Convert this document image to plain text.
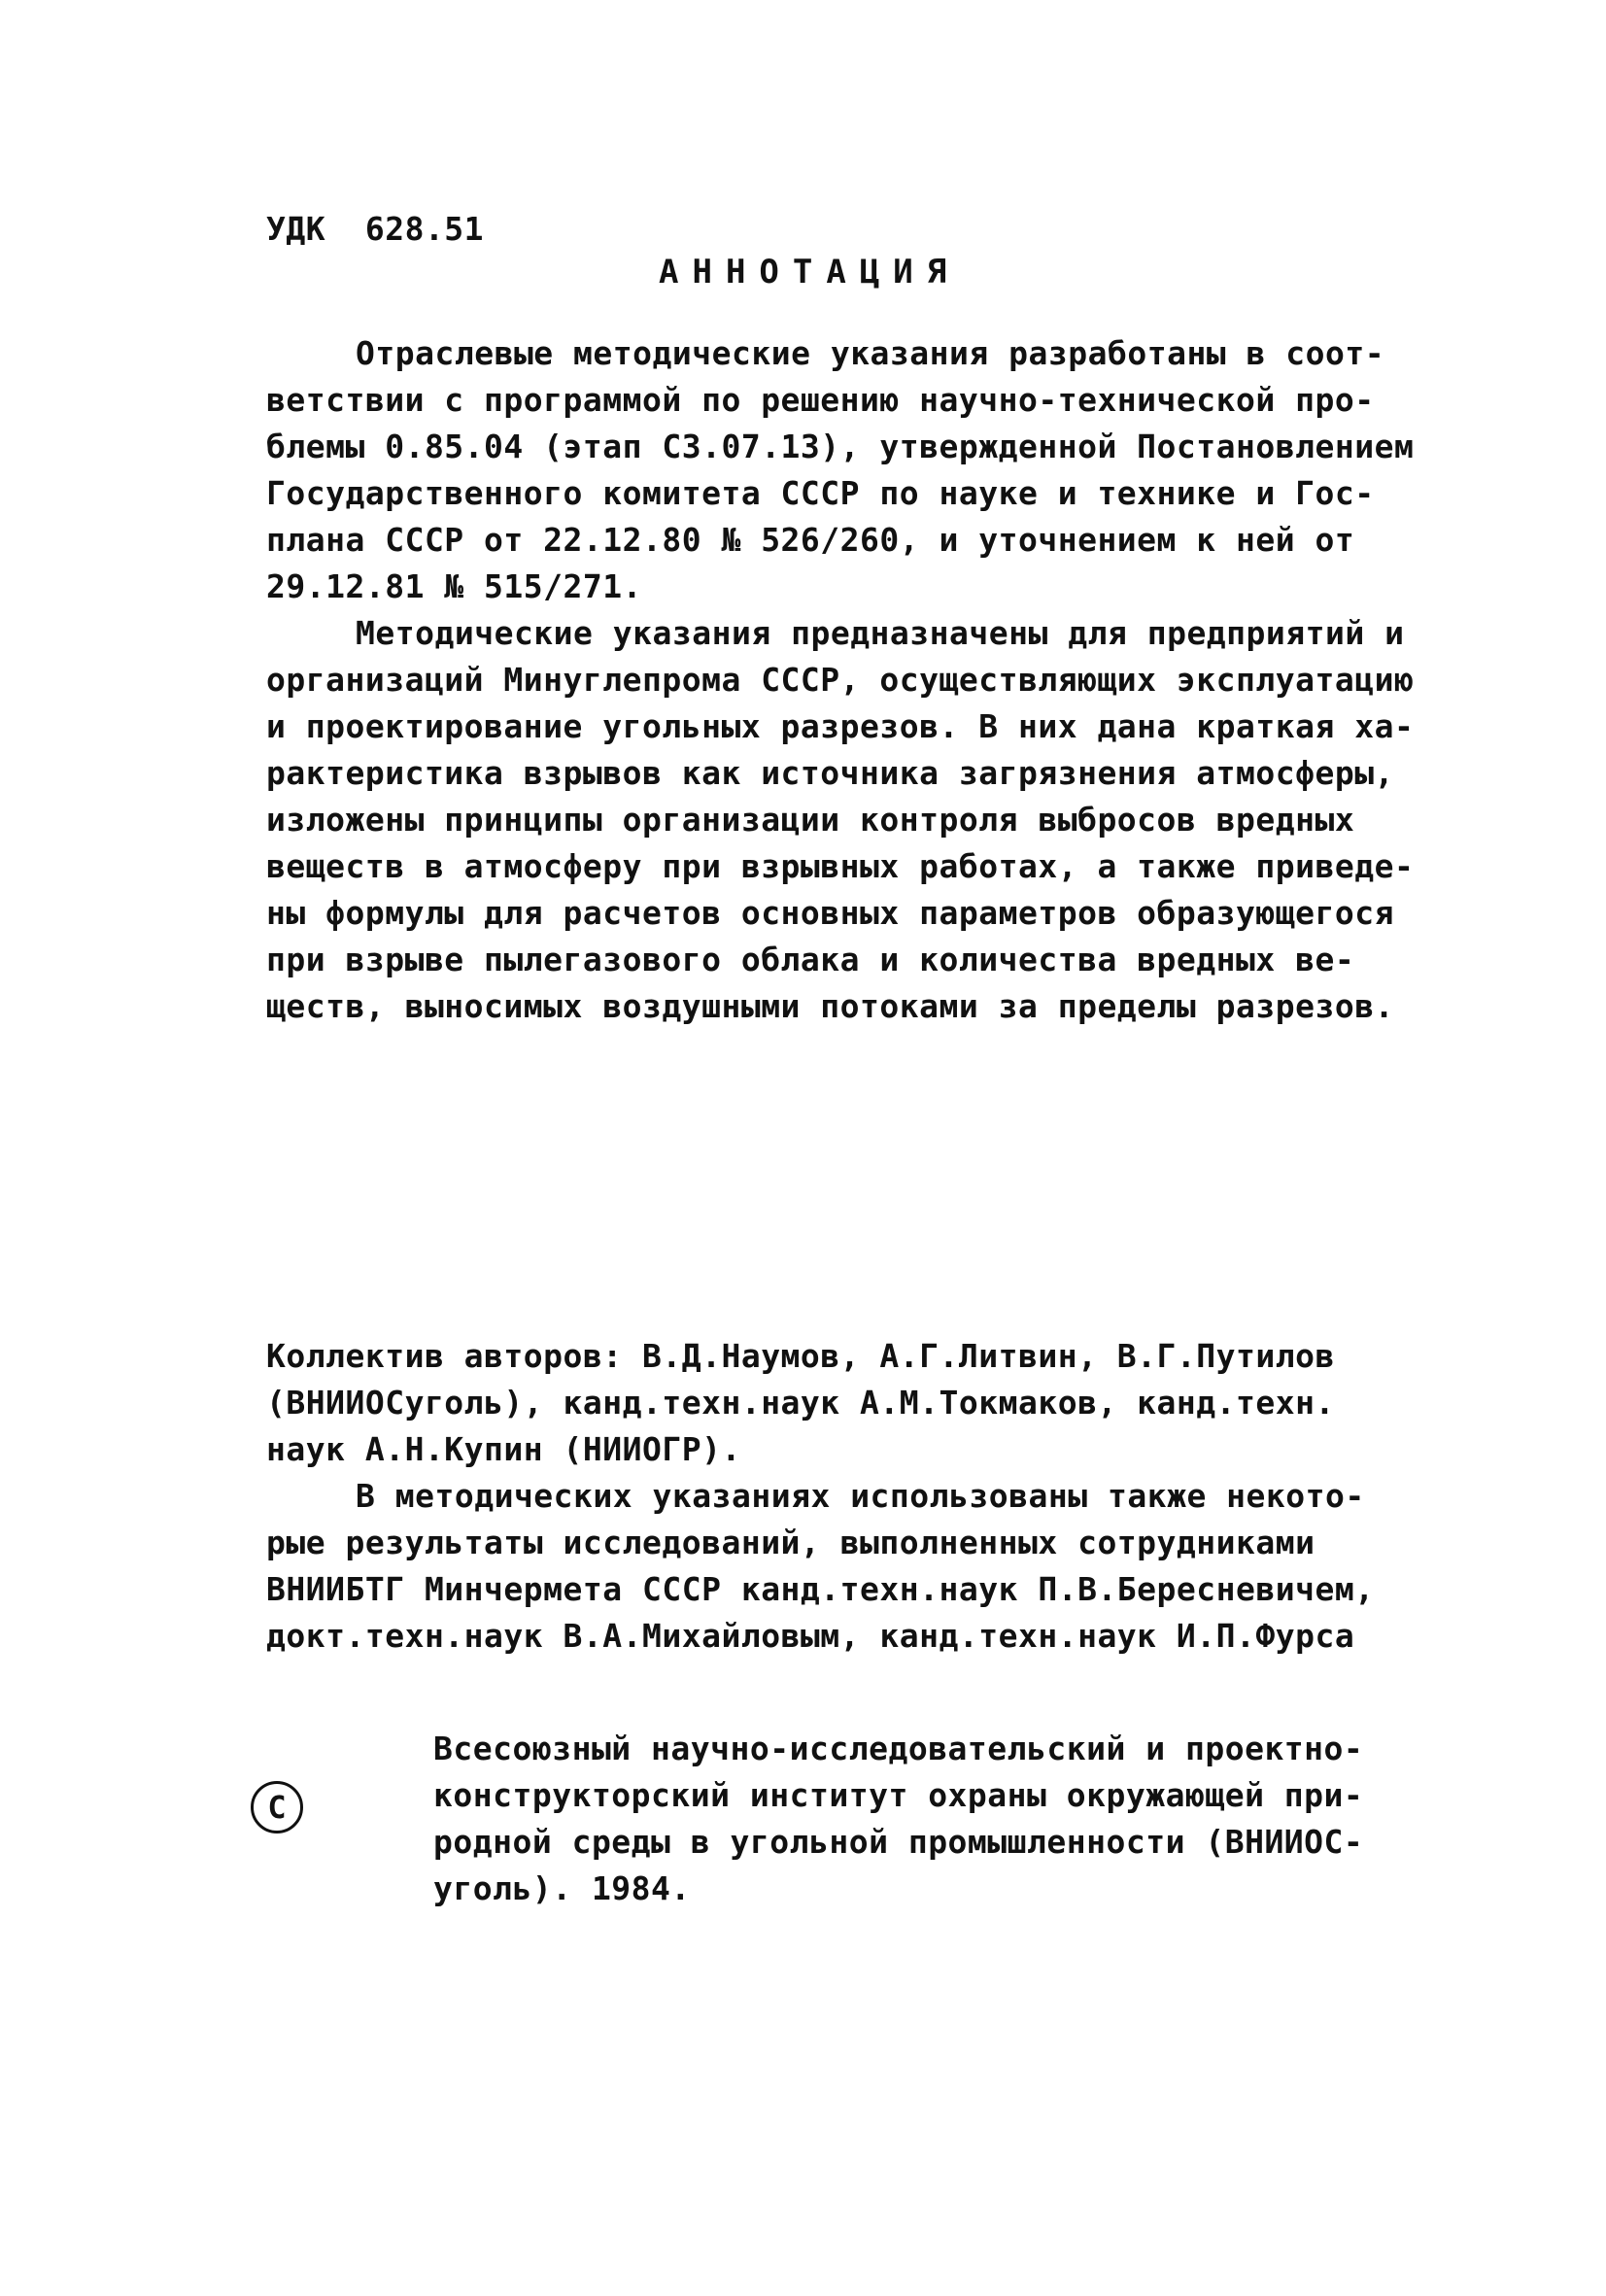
УДК  628.51
АННОТАЦИЯ
Отраслевые методические указания разработаны в соот-
ветствии с программой по решению научно-технической про-
блемы 0.85.04 (этап СЗ.07.13), утвержденной Постановлением
Государственного комитета СССР по науке и технике и Гос-
плана СССР от 22.12.80 № 526/260, и уточнением к ней от
29.12.81 № 515/271.
Методические указания предназначены для предприятий и
организаций Минуглепрома СССР, осуществляющих эксплуатацию
и проектирование угольных разрезов. В них дана краткая ха-
рактеристика взрывов как источника загрязнения атмосферы,
изложены принципы организации контроля выбросов вредных
веществ в атмосферу при взрывных работах, а также приведе-
ны формулы для расчетов основных параметров образующегося
при взрыве пылегазового облака и количества вредных ве-
ществ, выносимых воздушными потоками за пределы разрезов.
Коллектив авторов: В.Д.Наумов, А.Г.Литвин, В.Г.Путилов
(ВНИИОСуголь), канд.техн.наук А.М.Токмаков, канд.техн.
наук А.Н.Купин (НИИОГР).
В методических указаниях использованы также некото-
рые результаты исследований, выполненных сотрудниками
ВНИИБТГ Минчермета СССР канд.техн.наук П.В.Бересневичем,
докт.техн.наук В.А.Михайловым, канд.техн.наук И.П.Фурса
С
Всесоюзный научно-исследовательский и проектно-
конструкторский институт охраны окружающей при-
родной среды в угольной промышленности (ВНИИОС-
уголь). 1984.
